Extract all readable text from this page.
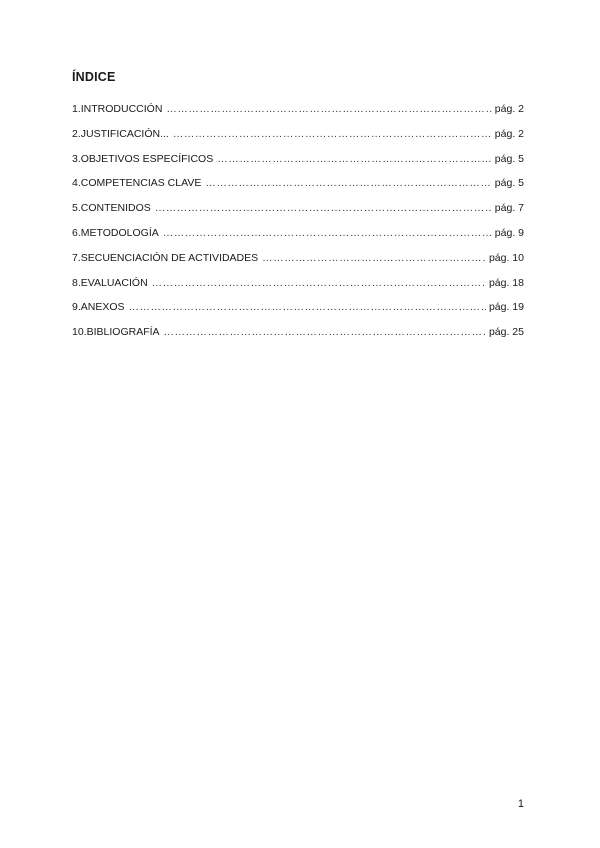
ÍNDICE
1.INTRODUCCIÓN ………………………………………………………………………………………………………………………………………………………………	pág. 2
2.JUSTIFICACIÓN... ………………………………………………………………………………………………………………………………………………………………	pág. 2
3.OBJETIVOS ESPECÍFICOS ………………………………………………………………………………………………………………………………………………………………	pág. 5
4.COMPETENCIAS CLAVE ………………………………………………………………………………………………………………………………………………………………	pág. 5
5.CONTENIDOS ………………………………………………………………………………………………………………………………………………………………	pág. 7
6.METODOLOGÍA ………………………………………………………………………………………………………………………………………………………………	pág. 9
7.SECUENCIACIÓN DE ACTIVIDADES ………………………………………………………………………………………………………………………………………………………………	pág. 10
8.EVALUACIÓN ………………………………………………………………………………………………………………………………………………………………	pág. 18
9.ANEXOS ………………………………………………………………………………………………………………………………………………………………	pág. 19
10.BIBLIOGRAFÍA ………………………………………………………………………………………………………………………………………………………………	pág. 25
1
